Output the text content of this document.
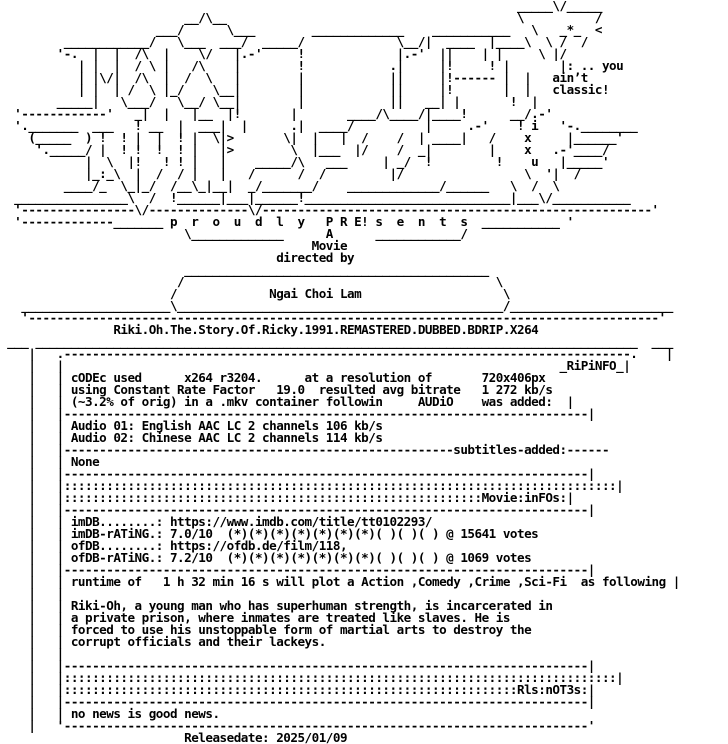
_____\/_____
__/\__                                         \          /
___/      \___        _____________    ___________   \   _*_  <
____________/   \___  ___/  _____/             \__/|  ____  |____\  \ /  /
'-.  |  |  /\  |    \/   |.-'     !             |.-'  ||    | |     \ |/
| |  |  / \ |   /\    |        !            .|     |!     ! |       |: .. you
| |\/|  /\  |  /  \   |        |            ||     |!------ |  |   ainʼt
| |  | /  \ |_/    \__|        |            ||     |!       |  |   classic!
_____|   \___/   \__/ \__|        |            ||   __| |       !  |
'------------'   _|  |   |__  |!       |       ____/\____/|____!      __/.-'
'._______  ___   ! __  |  ___|  |      .|  ____/          |     .-'    ! i   '-.________
(_____  ) !  ! |  |  ! |  \|>       \|  |   |  /    /  | ____|   /    x     |______'
'._____/ |  ! !  !  ! |   |>        \  |___  |/    /  _|        |    x   .-'____/
|  \  |!   ! ! |   |    _____/\   ___     | _/  !         !    u   |_____'
|_:_\  |  /  / |   |   /      /  /         |/                 \  '|  /
____/_  \_|_/  /__\_|__|  _/_______/    _____________/______   \  /  \
________________\  /  !______|___|______!_____________________________|___\/___________
'----------------\/--------------\/-------------------------------------------------------'
'-------------_______ p  r  o  u  d  l  y   P R E! s  e  n  t  s  ___________ '
\_____________      A      ____________/
Movie
directed by
___________________________________________
/                                            \
/             Ngai Choi Lam                    \
_____________________\______________________________________________/_______________________
'-----------------------------------------------------------------------------------------'
Riki.Oh.The.Story.Of.Ricky.1991.REMASTERED.DUBBED.BDRIP.X264
___ _____________________________________________________________________________________  ___
|   .--------------------------------------------------------------------------------.    |
|   |                                                                      _RiPiNFO_|
|   | cODEc used      x264 r3204.      at a resolution of       720x406px
|   | using Constant Rate Factor   19.0  resulted avg bitrate   1 272 kb/s
|   | (~3.2% of orig) in a .mkv container followin     AUDiO    was added:  |
|   |--------------------------------------------------------------------------|
|   | Audio 01: English AAC LC 2 channels 106 kb/s
|   | Audio 02: Chinese AAC LC 2 channels 114 kb/s
|   |-------------------------------------------------------subtitles-added:------
|   | None
|   |--------------------------------------------------------------------------|
|   |::::::::::::::::::::::::::::::::::::::::::::::::::::::::::::::::::::::::::::::|
|   |:::::::::::::::::::::::::::::::::::::::::::::::::::::::::::Movie:inFOs:|
|   |--------------------------------------------------------------------------|
|   | imDB........: https://www.imdb.com/title/tt0102293/
|   | imDB-rATiNG.: 7.0/10  (*)(*)(*)(*)(*)(*)(*)( )( )( ) @ 15641 votes
|   | ofDB........: https://ofdb.de/film/118,
|   | ofDB-rATiNG.: 7.2/10  (*)(*)(*)(*)(*)(*)(*)( )( )( ) @ 1069 votes
|   |--------------------------------------------------------------------------|
|   | runtime of   1 h 32 min 16 s will plot a Action ,Comedy ,Crime ,Sci-Fi  as following |
|   |
|   | Riki-Oh, a young man who has superhuman strength, is incarcerated in
|   | a private prison, where inmates are treated like slaves. He is
|   | forced to use his unstoppable form of martial arts to destroy the
|   | corrupt officials and their lackeys.
|   |
|   |--------------------------------------------------------------------------|
|   |::::::::::::::::::::::::::::::::::::::::::::::::::::::::::::::::::::::::::::::|
|   |::::::::::::::::::::::::::::::::::::::::::::::::::::::::::::::::Rls:nOT3s:|
|   |--------------------------------------------------------------------------|
|   | no news is good news.
|   '--------------------------------------------------------------------------'
Releasedate: 2025/01/09
